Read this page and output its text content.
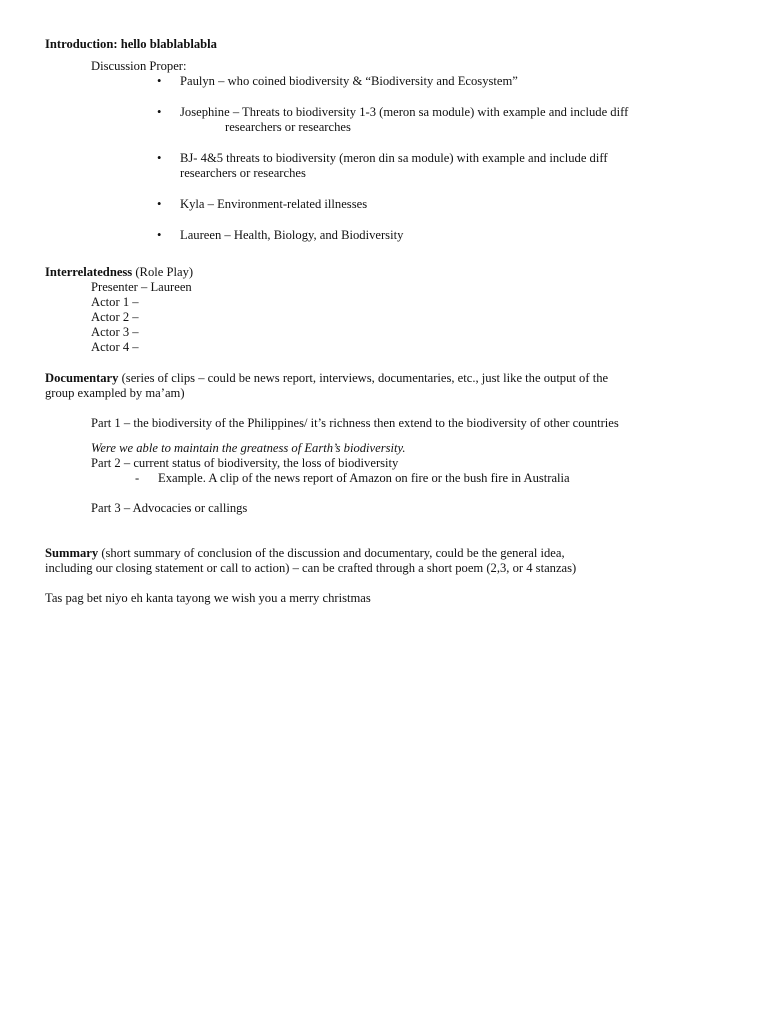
Introduction: hello blablablabla
Discussion Proper:
• Paulyn – who coined biodiversity & “Biodiversity and Ecosystem”
• Josephine – Threats to biodiversity 1-3 (meron sa module) with example and include diff
researchers or researches
• BJ- 4&5 threats to biodiversity (meron din sa module) with example and include diff
researchers or researches
• Kyla – Environment-related illnesses
• Laureen – Health, Biology, and Biodiversity
Interrelatedness (Role Play)
Presenter – Laureen
Actor 1 –
Actor 2 –
Actor 3 –
Actor 4 –
Documentary (series of clips – could be news report, interviews, documentaries, etc., just like the output of the
group exampled by ma’am)
Part 1 – the biodiversity of the Philippines/ it’s richness then extend to the biodiversity of other countries
Were we able to maintain the greatness of Earth’s biodiversity.
Part 2 – current status of biodiversity, the loss of biodiversity
- Example. A clip of the news report of Amazon on fire or the bush fire in Australia
Part 3 – Advocacies or callings
Summary (short summary of conclusion of the discussion and documentary, could be the general idea,
including our closing statement or call to action) – can be crafted through a short poem (2,3, or 4 stanzas)
Tas pag bet niyo eh kanta tayong we wish you a merry christmas
